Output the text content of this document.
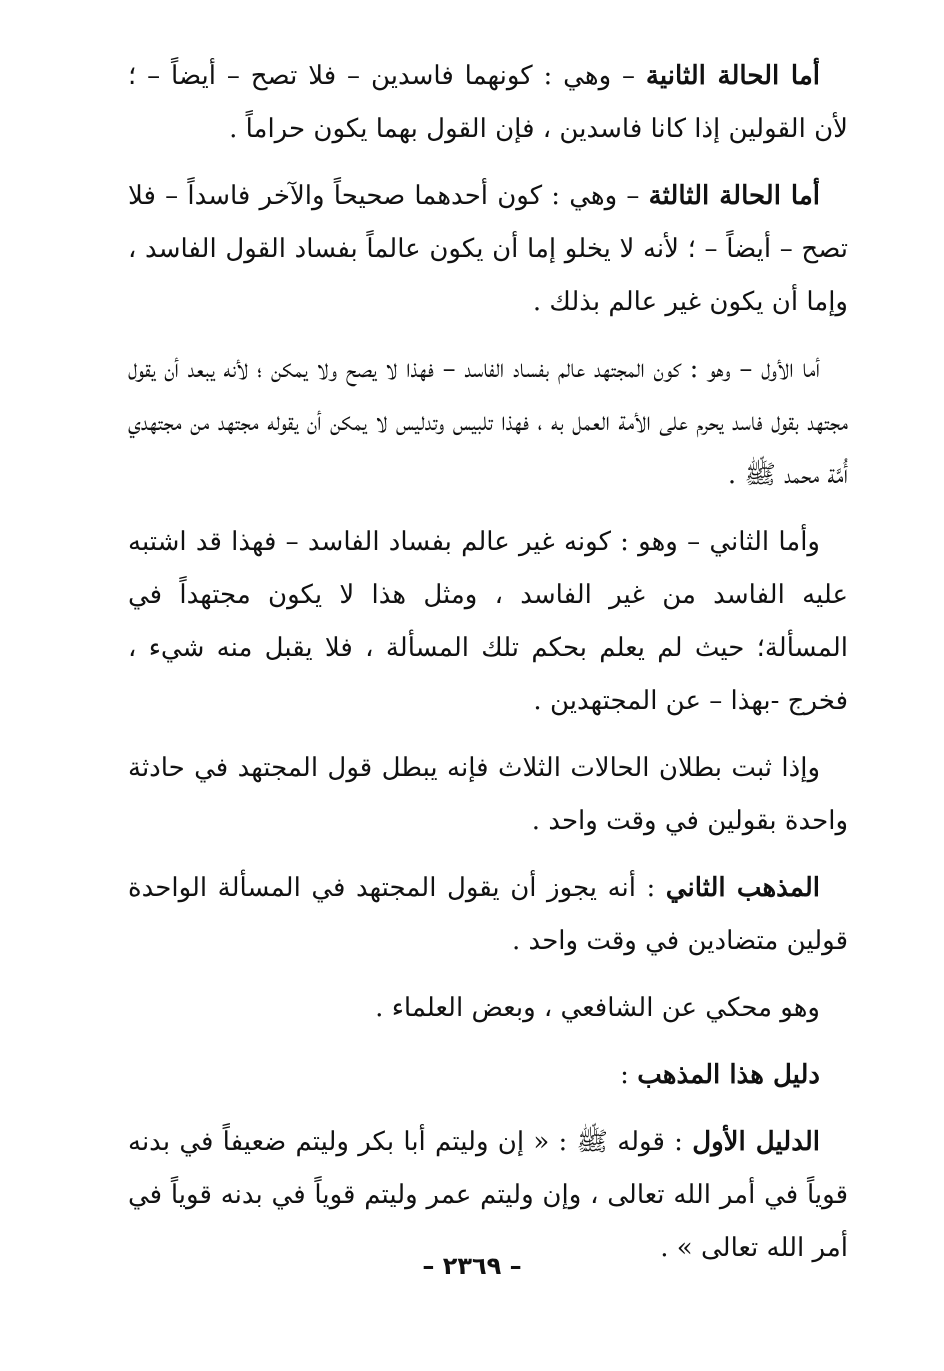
أما الحالة الثانية – وهي : كونهما فاسدين – فلا تصح – أيضاً – ؛ لأن القولين إذا كانا فاسدين ، فإن القول بهما يكون حراماً .

أما الحالة الثالثة – وهي : كون أحدهما صحيحاً والآخر فاسداً – فلا تصح – أيضاً – ؛ لأنه لا يخلو إما أن يكون عالماً بفساد القول الفاسد ، وإما أن يكون غير عالم بذلك .

أما الأول – وهو : كون المجتهد عالم بفساد الفاسد – فهذا لا يصح ولا يمكن ؛ لأنه يبعد أن يقول مجتهد بقول فاسد يحرم على الأمة العمل به ، فهذا تلبيس وتدليس لا يمكن أن يقوله مجتهد من مجتهدي أُمَّة محمد ﷺ .

وأما الثاني – وهو : كونه غير عالم بفساد الفاسد – فهذا قد اشتبه عليه الفاسد من غير الفاسد ، ومثل هذا لا يكون مجتهداً في المسألة؛ حيث لم يعلم بحكم تلك المسألة ، فلا يقبل منه شيء ، فخرج -بهذا – عن المجتهدين .

وإذا ثبت بطلان الحالات الثلاث فإنه يبطل قول المجتهد في حادثة واحدة بقولين في وقت واحد .

المذهب الثاني : أنه يجوز أن يقول المجتهد في المسألة الواحدة قولين متضادين في وقت واحد .

وهو محكي عن الشافعي ، وبعض العلماء .

دليل هذا المذهب :

الدليل الأول : قوله ﷺ : « إن وليتم أبا بكر وليتم ضعيفاً في بدنه قوياً في أمر الله تعالى ، وإن وليتم عمر وليتم قوياً في بدنه قوياً في أمر الله تعالى » .

– ٢٣٦٩ –
